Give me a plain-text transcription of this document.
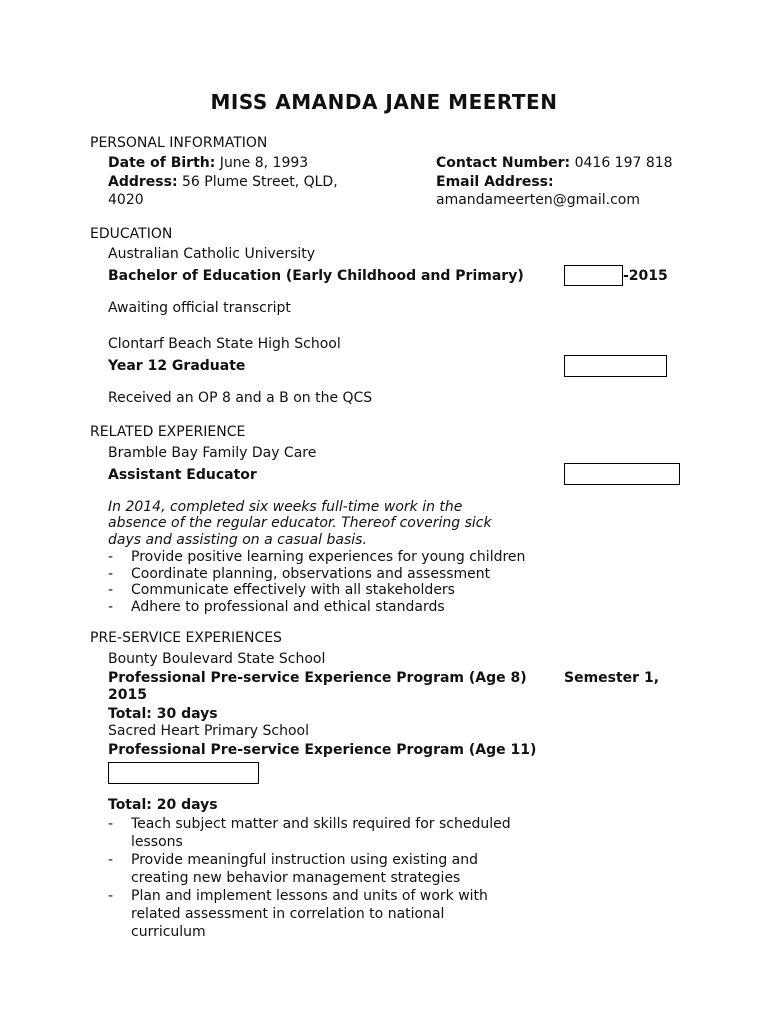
MISS AMANDA JANE MEERTEN
PERSONAL INFORMATION
Date of Birth: June 8, 1993
Address: 56 Plume Street, QLD,
4020
Contact Number: 0416 197 818
Email Address:
amandameerten@gmail.com
EDUCATION
Australian Catholic University
Bachelor of Education (Early Childhood and Primary)	-2015
Awaiting official transcript
Clontarf Beach State High School
Year 12 Graduate
Received an OP 8 and a B on the QCS
RELATED EXPERIENCE
Bramble Bay Family Day Care
Assistant Educator
In 2014, completed six weeks full-time work in the
absence of the regular educator. Thereof covering sick
days and assisting on a casual basis.
- Provide positive learning experiences for young children
- Coordinate planning, observations and assessment
- Communicate effectively with all stakeholders
- Adhere to professional and ethical standards
PRE-SERVICE EXPERIENCES
Bounty Boulevard State School
Professional Pre-service Experience Program (Age 8)	Semester 1,
2015
Total: 30 days
Sacred Heart Primary School
Professional Pre-service Experience Program (Age 11)
Total: 20 days
- Teach subject matter and skills required for scheduled
lessons
- Provide meaningful instruction using existing and
creating new behavior management strategies
- Plan and implement lessons and units of work with
related assessment in correlation to national
curriculum
